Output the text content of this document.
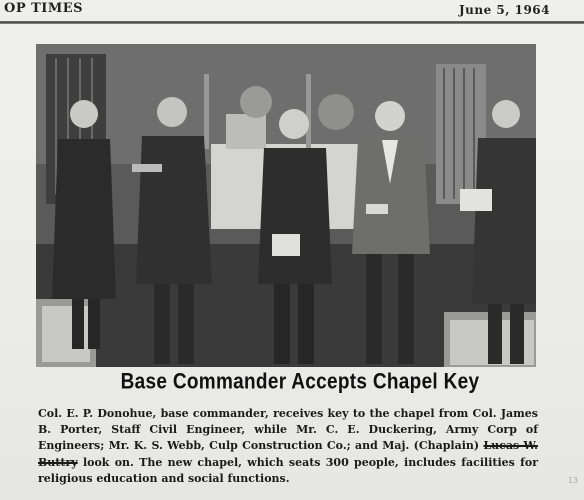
OP TIMES	June 5, 1964
Base Commander Accepts Chapel Key
Col. E. P. Donohue, base commander, receives key to the chapel from Col. James B. Porter, Staff Civil Engineer, while Mr. C. E. Duckering, Army Corp of Engineers; Mr. K. S. Webb, Culp Construction Co.; and Maj. (Chaplain) Lucas W. Buttry look on. The new chapel, which seats 300 people, includes facilities for religious education and social functions.	13
